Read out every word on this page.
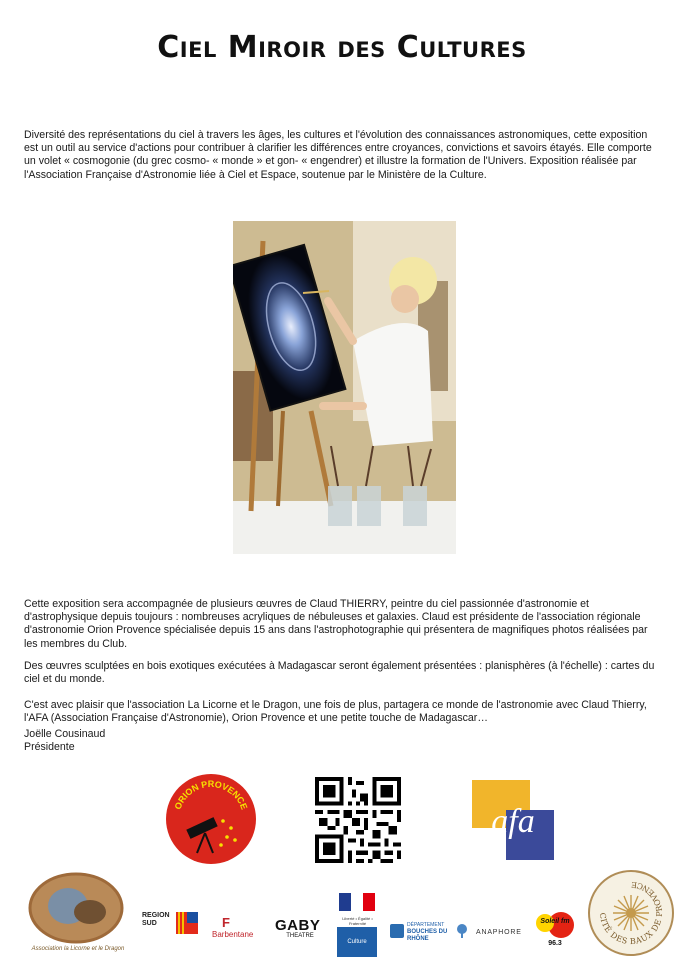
Ciel Miroir des Cultures

Diversité des représentations du ciel à travers les âges, les cultures et l'évolution des connaissances astronomiques, cette exposition est un outil au service d'actions pour contribuer à clarifier les différences entre croyances, convictions et savoirs étayés. Elle comporte un volet « cosmogonie (du grec cosmo- « monde » et gon- « engendrer) et illustre la formation de l'Univers. Exposition réalisée par l'Association Française d'Astronomie liée à Ciel et Espace, soutenue par le Ministère de la Culture.

Cette exposition sera accompagnée de plusieurs œuvres de Claud THIERRY, peintre du ciel passionnée d'astronomie et d'astrophysique depuis toujours : nombreuses acryliques de nébuleuses et galaxies. Claud est présidente de l'association régionale d'astronomie Orion Provence spécialisée depuis 15 ans dans l'astrophotographie qui présentera de magnifiques photos réalisées par les membres du Club.

Des œuvres sculptées en bois exotiques exécutées à Madagascar seront également présentées : planisphères (à l'échelle) : cartes du ciel et du monde.

C'est avec plaisir que l'association La Licorne et le Dragon, une fois de plus, partagera ce monde de l'astronomie avec Claud Thierry, l'AFA (Association Française d'Astronomie), Orion Provence et une petite touche de Madagascar…

Joëlle Cousinaud
Présidente
ORION PROVENCE	afa
Association la Licorne et le Dragon
REGION
SUD	F
Barbentane
GABY
THEATRE
Liberté • Égalité • Fraternité
Culture
DÉPARTEMENT
BOUCHES DU RHÔNE
ANAPHORE
Soleil fm
96.3
CITÉ DES BAUX DE PROVENCE
